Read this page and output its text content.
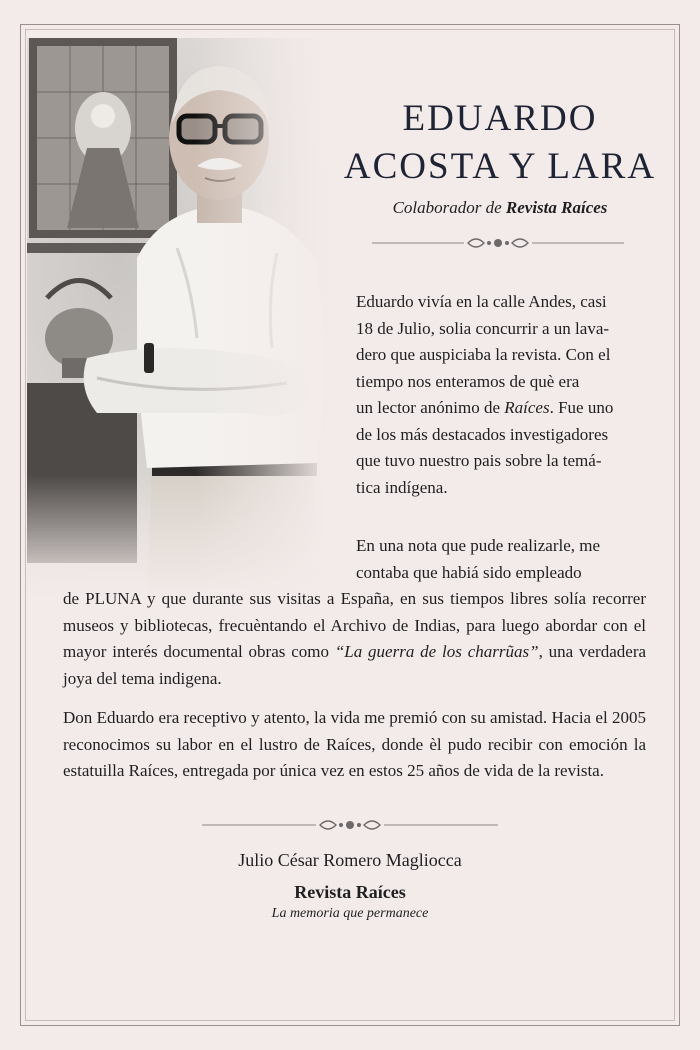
EDUARDO
ACOSTA Y LARA
Colaborador de Revista Raíces

Eduardo vivía en la calle Andes, casi
18 de Julio, solia concurrir a un lava-
dero que auspiciaba la revista. Con el
tiempo nos enteramos de què era
un lector anónimo de Raíces. Fue uno
de los más destacados investigadores
que tuvo nuestro pais sobre la temá-
tica indígena.

En una nota que pude realizarle, me
contaba que habiá sido empleado

de PLUNA y que durante sus visitas a España, en sus tiempos libres solía recorrer museos y bibliotecas, frecuèntando el Archivo de Indias, para luego abordar con el mayor interés documental obras como “La guerra de los charrũas”, una verdadera joya del tema indigena.

Don Eduardo era receptivo y atento, la vida me premió con su amistad. Hacia el 2005 reconocimos su labor en el lustro de Raíces, donde èl pudo recibir con emoción la estatuilla Raíces, entregada por única vez en estos 25 años de vida de la revista.

Julio César Romero Magliocca
Revista Raíces
La memoria que permanece
